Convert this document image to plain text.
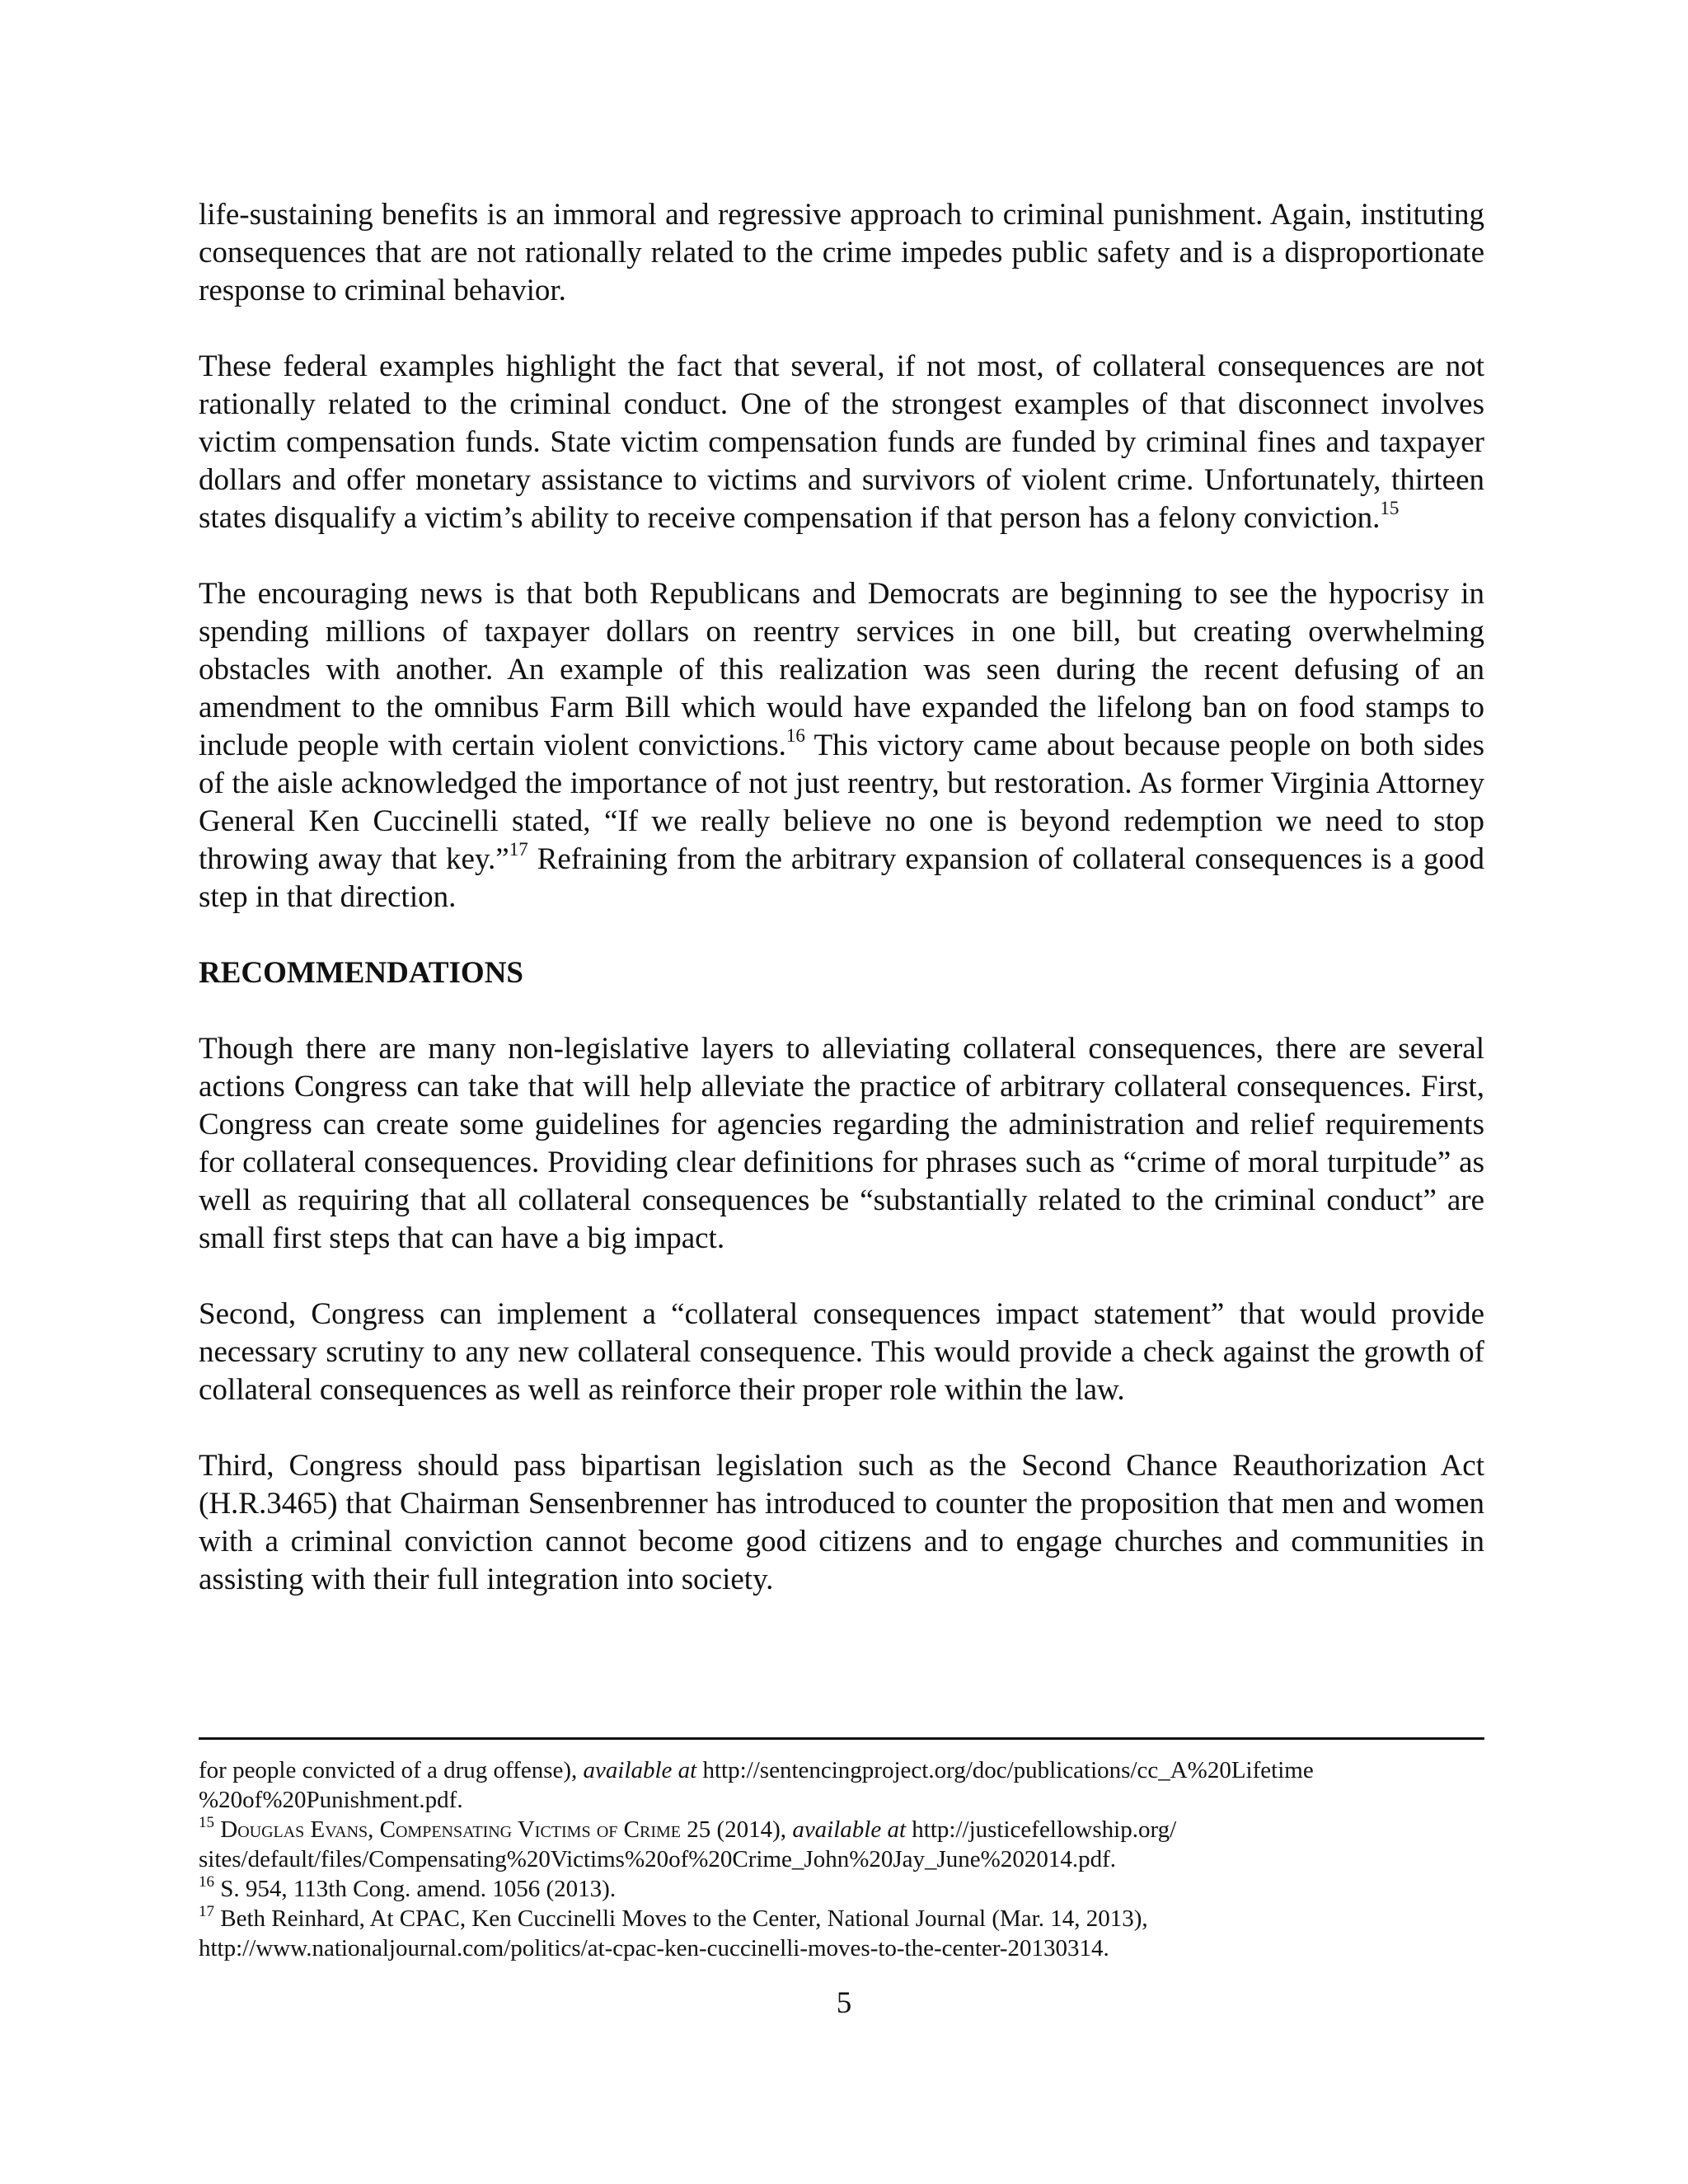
life-sustaining benefits is an immoral and regressive approach to criminal punishment. Again, instituting consequences that are not rationally related to the crime impedes public safety and is a disproportionate response to criminal behavior.

These federal examples highlight the fact that several, if not most, of collateral consequences are not rationally related to the criminal conduct. One of the strongest examples of that disconnect involves victim compensation funds. State victim compensation funds are funded by criminal fines and taxpayer dollars and offer monetary assistance to victims and survivors of violent crime. Unfortunately, thirteen states disqualify a victim’s ability to receive compensation if that person has a felony conviction.$^{15}$

The encouraging news is that both Republicans and Democrats are beginning to see the hypocrisy in spending millions of taxpayer dollars on reentry services in one bill, but creating overwhelming obstacles with another. An example of this realization was seen during the recent defusing of an amendment to the omnibus Farm Bill which would have expanded the lifelong ban on food stamps to include people with certain violent convictions.$^{16}$ This victory came about because people on both sides of the aisle acknowledged the importance of not just reentry, but restoration. As former Virginia Attorney General Ken Cuccinelli stated, “If we really believe no one is beyond redemption we need to stop throwing away that key.”$^{17}$ Refraining from the arbitrary expansion of collateral consequences is a good step in that direction.

RECOMMENDATIONS

Though there are many non-legislative layers to alleviating collateral consequences, there are several actions Congress can take that will help alleviate the practice of arbitrary collateral consequences. First, Congress can create some guidelines for agencies regarding the administration and relief requirements for collateral consequences. Providing clear definitions for phrases such as “crime of moral turpitude” as well as requiring that all collateral consequences be “substantially related to the criminal conduct” are small first steps that can have a big impact.

Second, Congress can implement a “collateral consequences impact statement” that would provide necessary scrutiny to any new collateral consequence. This would provide a check against the growth of collateral consequences as well as reinforce their proper role within the law.

Third, Congress should pass bipartisan legislation such as the Second Chance Reauthorization Act (H.R.3465) that Chairman Sensenbrenner has introduced to counter the proposition that men and women with a criminal conviction cannot become good citizens and to engage churches and communities in assisting with their full integration into society.

for people convicted of a drug offense), available at http://sentencingproject.org/doc/publications/cc_A%20Lifetime %20of%20Punishment.pdf.

$^{15}$ Douglas Evans, Compensating Victims of Crime 25 (2014), available at http://justicefellowship.org/ sites/default/files/Compensating%20Victims%20of%20Crime_John%20Jay_June%202014.pdf.

$^{16}$ S. 954, 113th Cong. amend. 1056 (2013).

$^{17}$ Beth Reinhard, At CPAC, Ken Cuccinelli Moves to the Center, National Journal (Mar. 14, 2013), http://www.nationaljournal.com/politics/at-cpac-ken-cuccinelli-moves-to-the-center-20130314.

5
